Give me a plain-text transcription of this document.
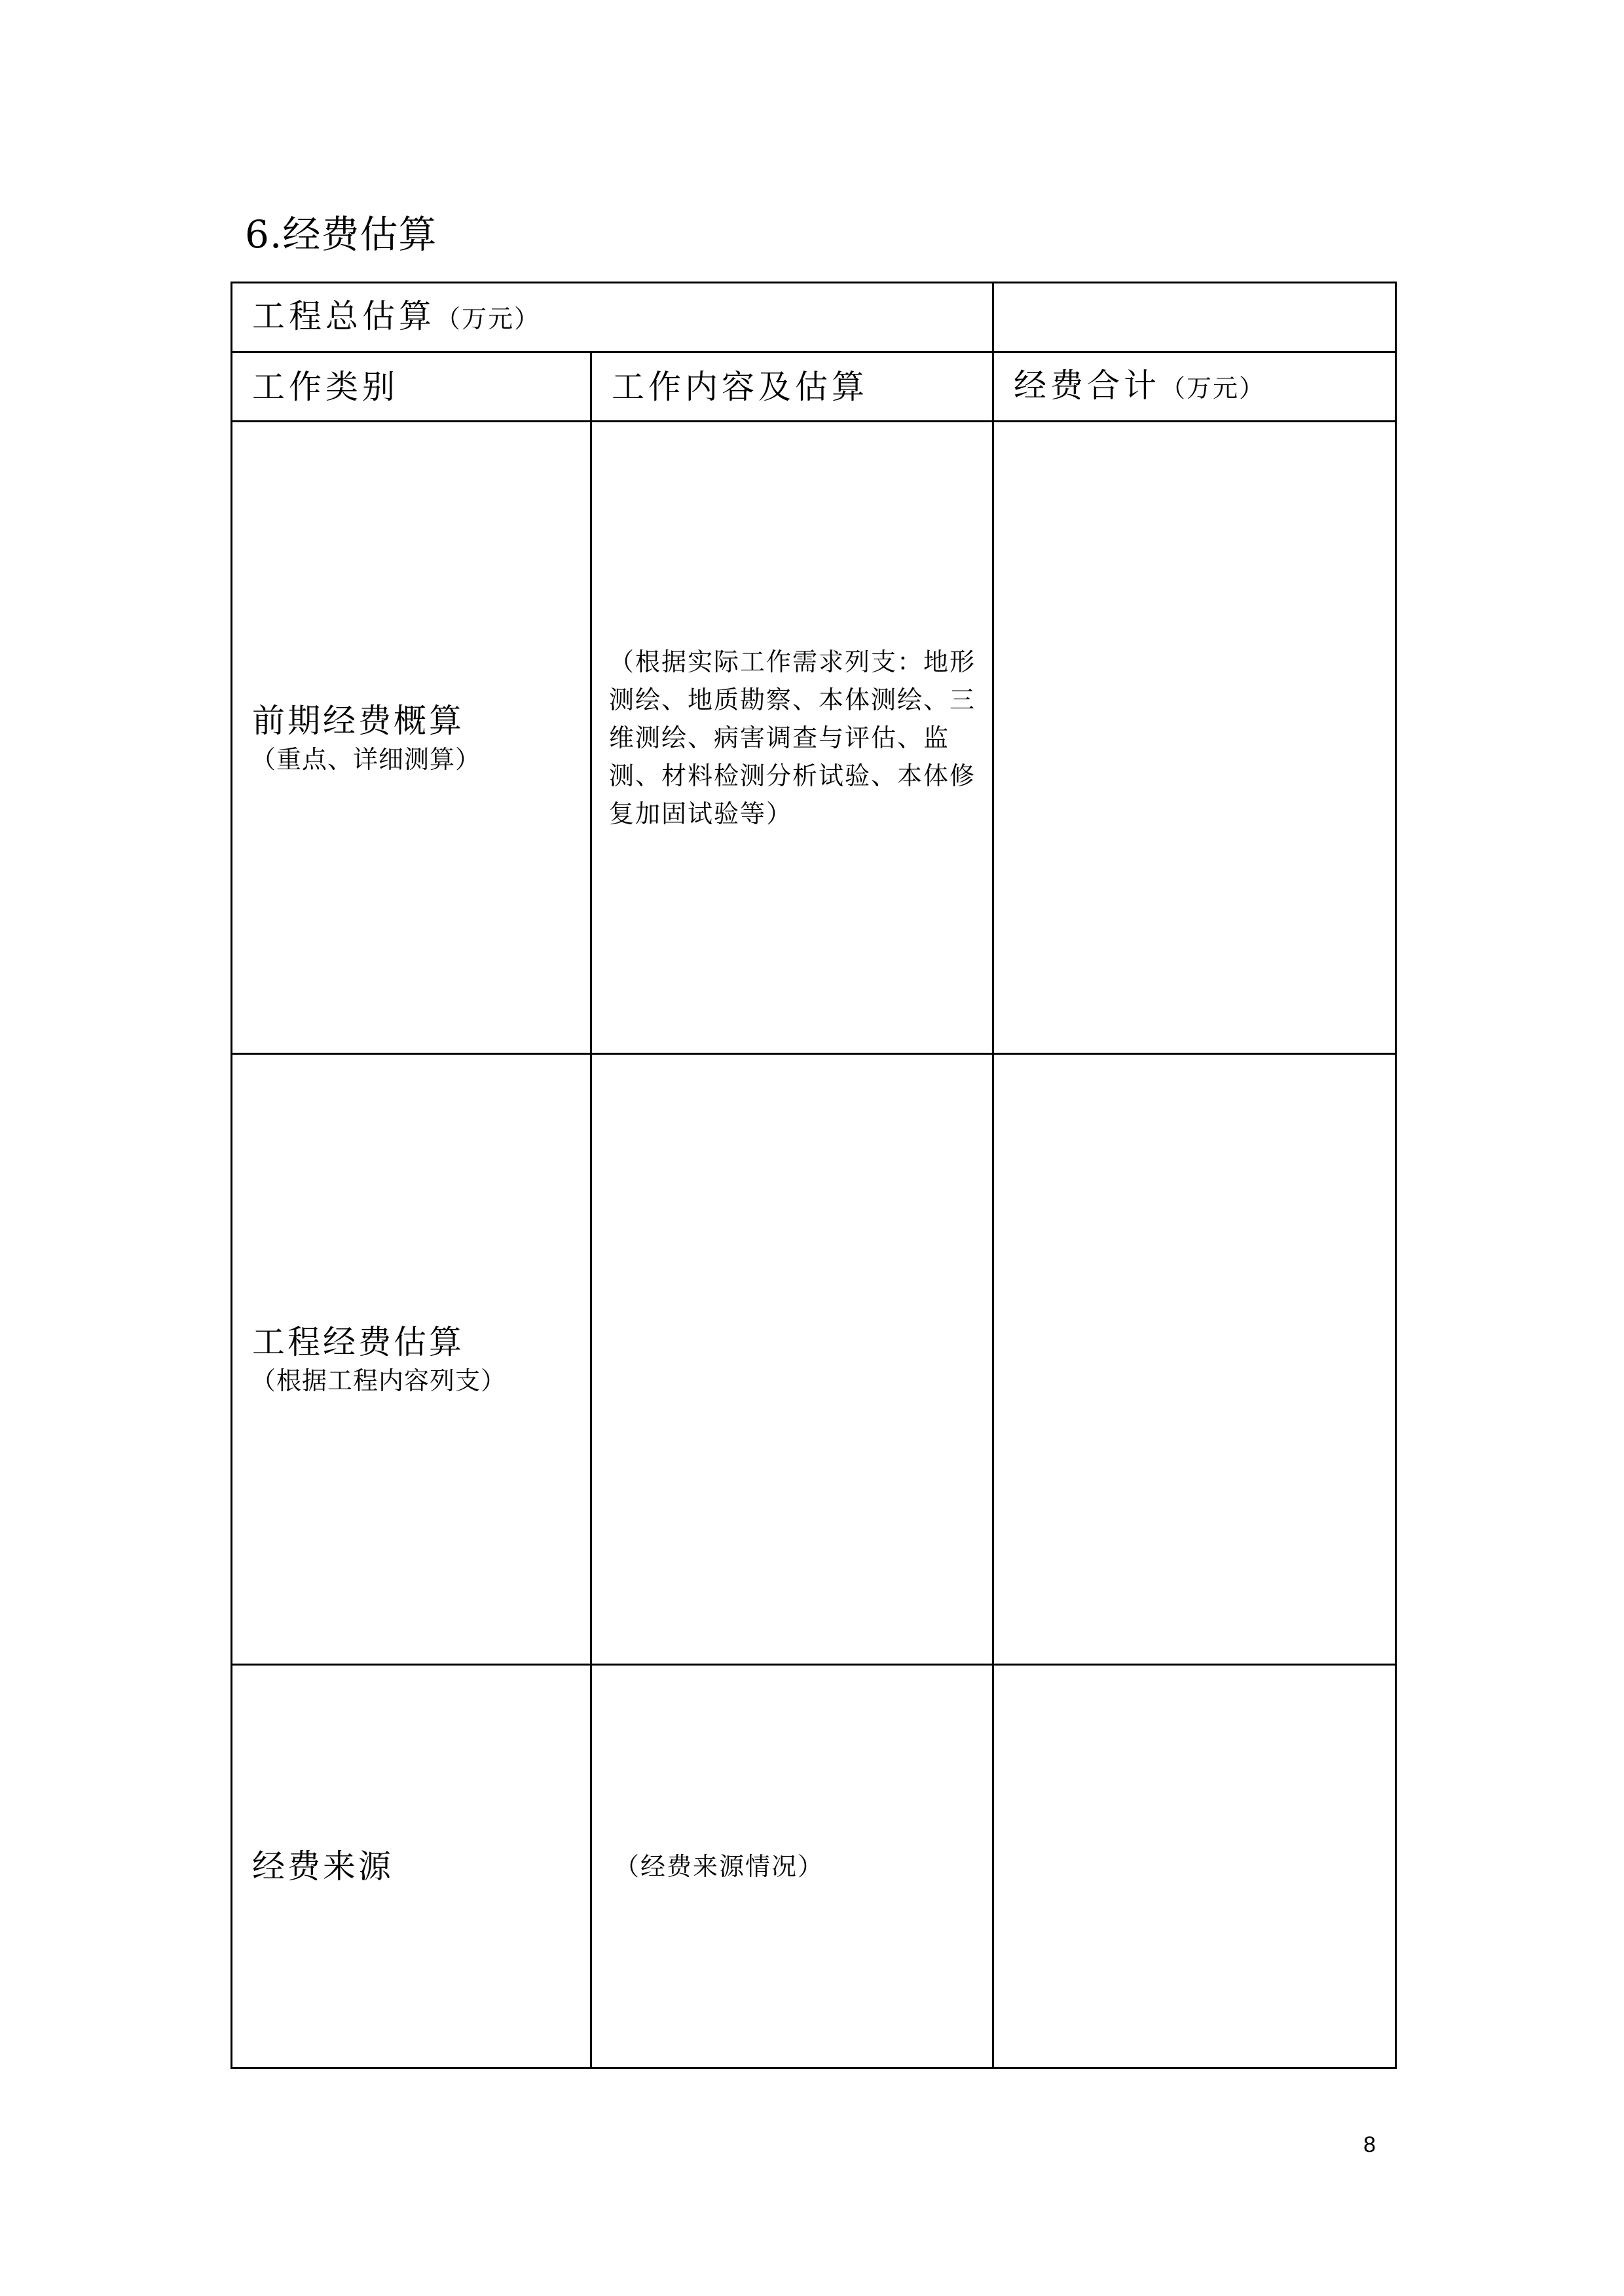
6.经费估算
工程总估算（万元）		
工作类别	工作内容及估算	经费合计（万元）

前期经费概算
（重点、详细测算）	（根据实际工作需求列支：地形测绘、地质勘察、本体测绘、三维测绘、病害调查与评估、监测、材料检测分析试验、本体修复加固试验等）	

工程经费估算
（根据工程内容列支）		

经费来源	（经费来源情况）	
8
